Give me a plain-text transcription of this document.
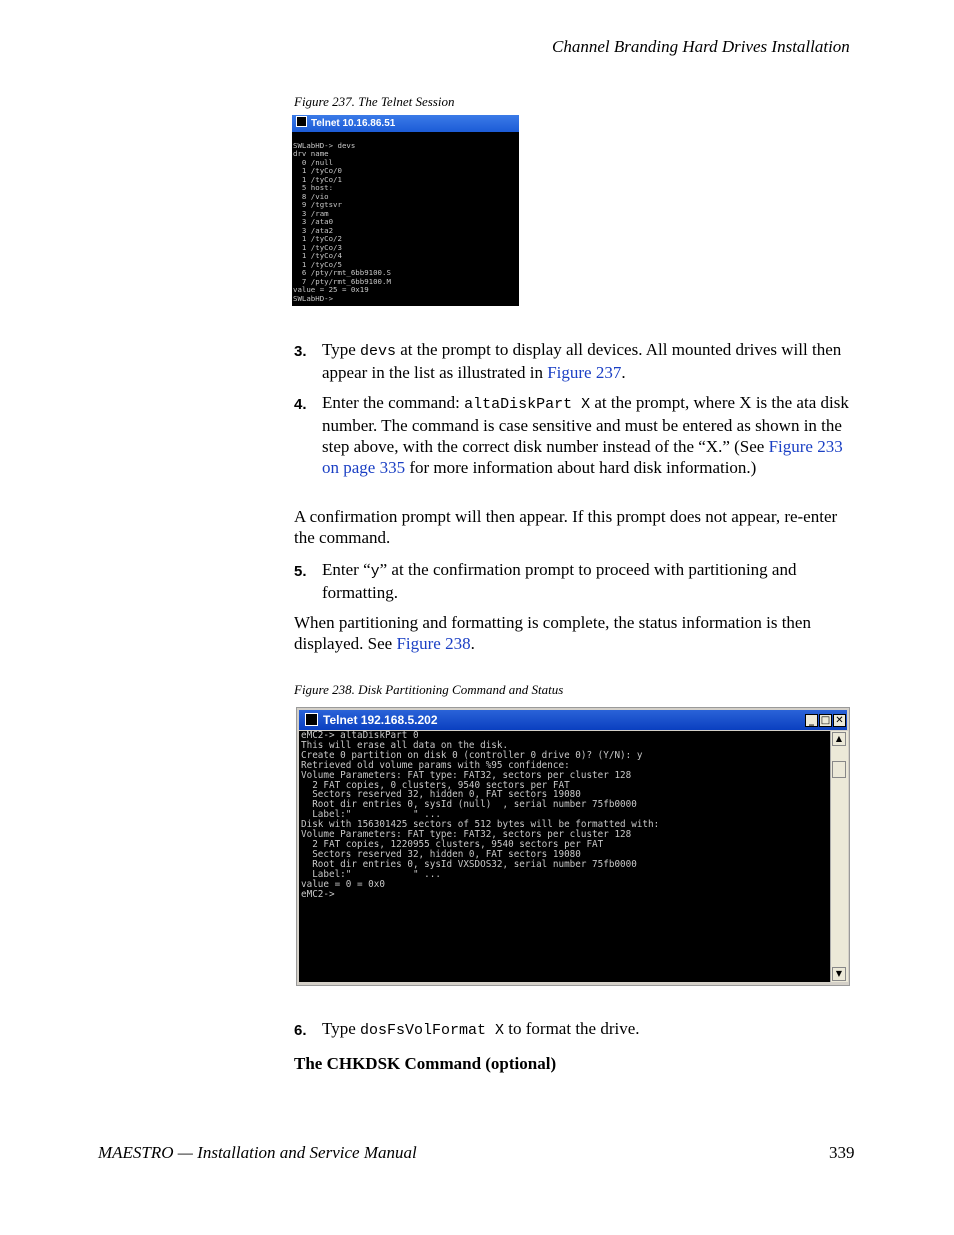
Channel Branding Hard Drives Installation
Figure 237. The Telnet Session
Telnet 10.16.86.51

SWLabHD-> devs
drv name
0 /null
1 /tyCo/0
1 /tyCo/1
5 host:
8 /vio
9 /tgtsvr
3 /ram
3 /ata0
3 /ata2
1 /tyCo/2
1 /tyCo/3
1 /tyCo/4
1 /tyCo/5
6 /pty/rmt_6bb9100.S
7 /pty/rmt_6bb9100.M
value = 25 = 0x19
SWLabHD->
3. Type devs at the prompt to display all devices. All mounted drives will then appear in the list as illustrated in Figure 237.
4. Enter the command: altaDiskPart X at the prompt, where X is the ata disk number. The command is case sensitive and must be entered as shown in the step above, with the correct disk number instead of the “X.” (See Figure 233 on page 335 for more information about hard disk information.)
A confirmation prompt will then appear. If this prompt does not appear, re-enter the command.
5. Enter “y” at the confirmation prompt to proceed with partitioning and formatting.
When partitioning and formatting is complete, the status information is then displayed. See Figure 238.
Figure 238. Disk Partitioning Command and Status
Telnet 192.168.5.202	_ □ ✕
eMC2-> altaDiskPart 0
This will erase all data on the disk.
Create 0 partition on disk 0 (controller 0 drive 0)? (Y/N): y
Retrieved old volume params with %95 confidence:
Volume Parameters: FAT type: FAT32, sectors per cluster 128
2 FAT copies, 0 clusters, 9540 sectors per FAT
Sectors reserved 32, hidden 0, FAT sectors 19080
Root dir entries 0, sysId (null)  , serial number 75fb0000
Label:"           " ...
Disk with 156301425 sectors of 512 bytes will be formatted with:
Volume Parameters: FAT type: FAT32, sectors per cluster 128
2 FAT copies, 1220955 clusters, 9540 sectors per FAT
Sectors reserved 32, hidden 0, FAT sectors 19080
Root dir entries 0, sysId VXSDOS32, serial number 75fb0000
Label:"           " ...
value = 0 = 0x0
eMC2->
▲
▼
6. Type dosFsVolFormat X to format the drive.
The CHKDSK Command (optional)
MAESTRO — Installation and Service Manual	339
